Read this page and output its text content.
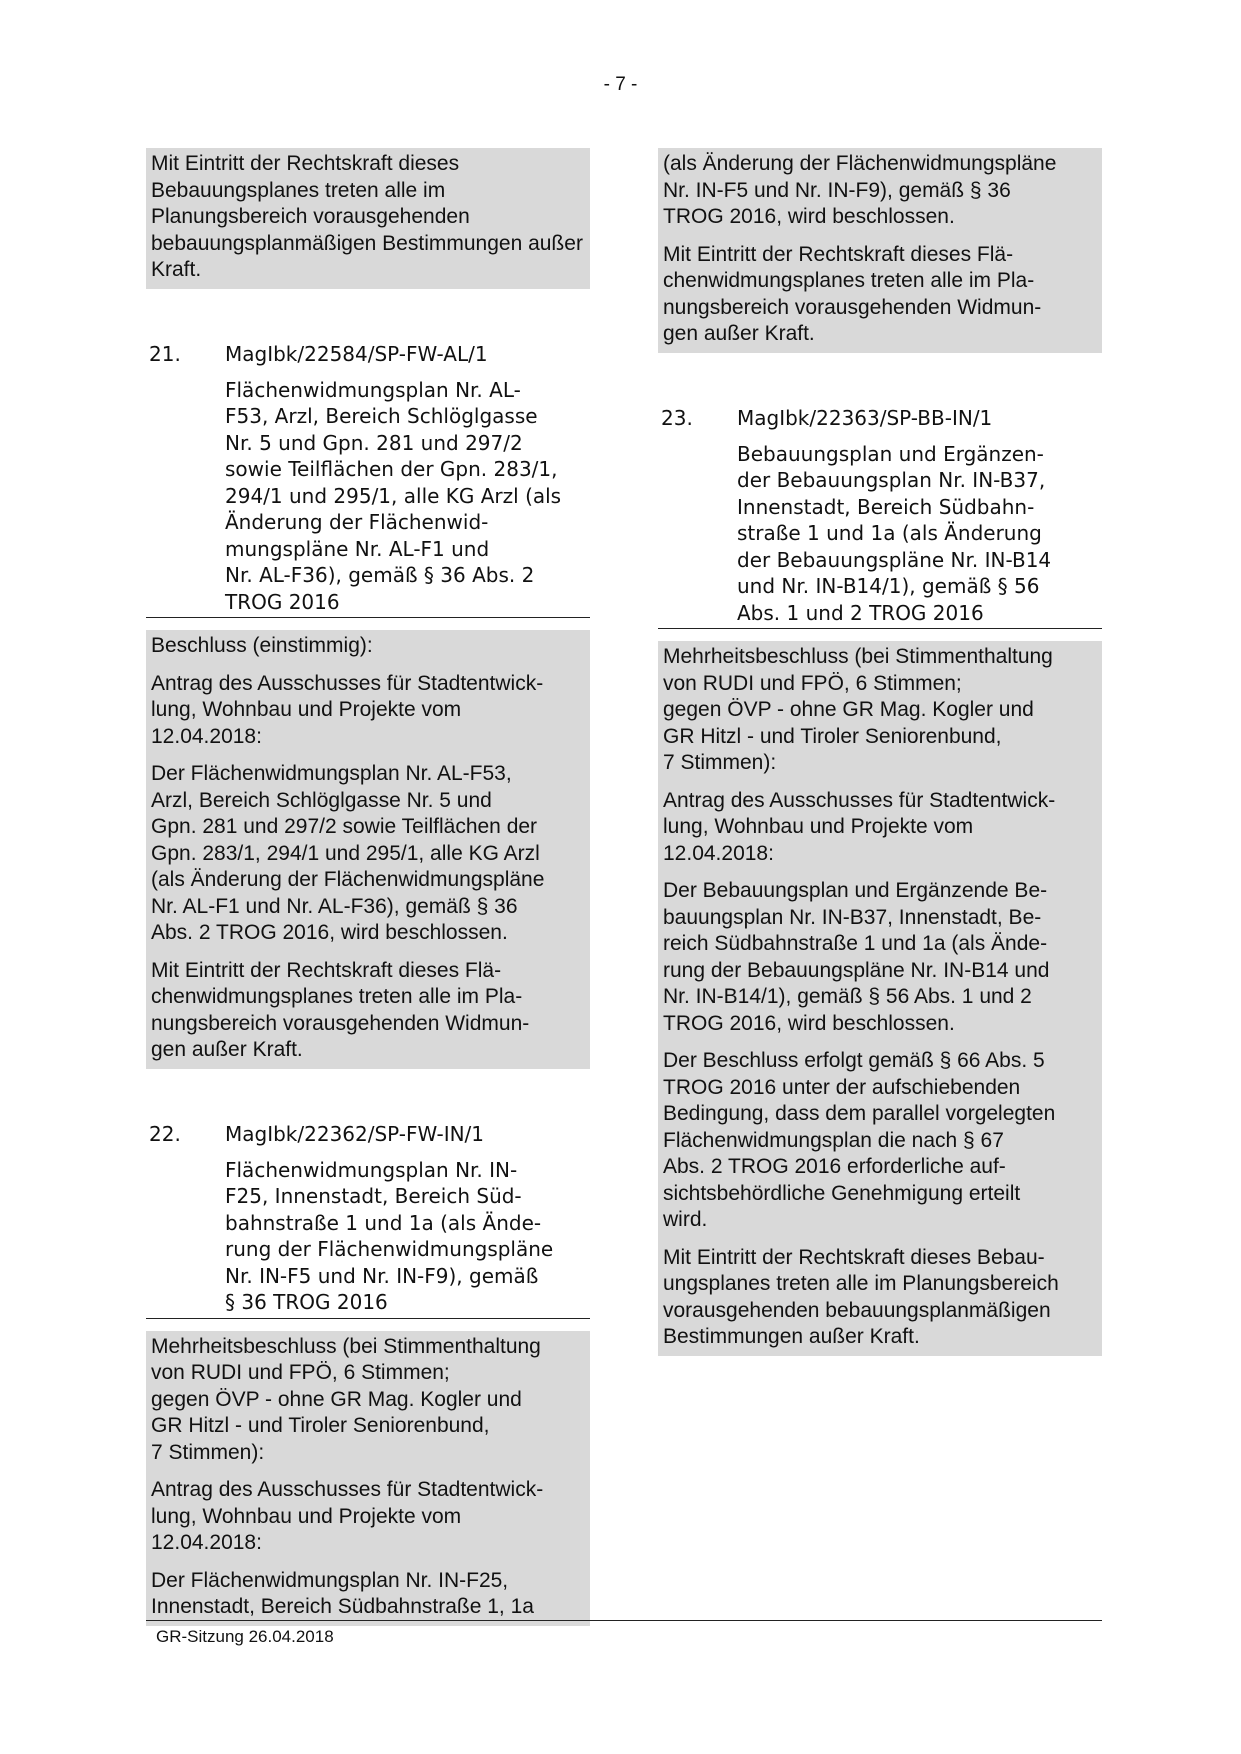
- 7 -

Mit Eintritt der Rechtskraft dieses Bebauungsplanes treten alle im Planungsbereich vorausgehenden bebauungsplanmäßigen Bestimmungen außer Kraft.

21.	MagIbk/22584/SP-FW-AL/1
Flächenwidmungsplan Nr. AL-
F53, Arzl, Bereich Schlöglgasse
Nr. 5 und Gpn. 281 und 297/2
sowie Teilflächen der Gpn. 283/1,
294/1 und 295/1, alle KG Arzl (als
Änderung der Flächenwid-
mungspläne Nr. AL-F1 und
Nr. AL-F36), gemäß § 36 Abs. 2
TROG 2016

Beschluss (einstimmig):

Antrag des Ausschusses für Stadtentwick-
lung, Wohnbau und Projekte vom
12.04.2018:

Der Flächenwidmungsplan Nr. AL-F53,
Arzl, Bereich Schlöglgasse Nr. 5 und
Gpn. 281 und 297/2 sowie Teilflächen der
Gpn. 283/1, 294/1 und 295/1, alle KG Arzl
(als Änderung der Flächenwidmungspläne
Nr. AL-F1 und Nr. AL-F36), gemäß § 36
Abs. 2 TROG 2016, wird beschlossen.

Mit Eintritt der Rechtskraft dieses Flä-
chenwidmungsplanes treten alle im Pla-
nungsbereich vorausgehenden Widmun-
gen außer Kraft.

22.	MagIbk/22362/SP-FW-IN/1
Flächenwidmungsplan Nr. IN-
F25, Innenstadt, Bereich Süd-
bahnstraße 1 und 1a (als Ände-
rung der Flächenwidmungspläne
Nr. IN-F5 und Nr. IN-F9), gemäß
§ 36 TROG 2016

Mehrheitsbeschluss (bei Stimmenthaltung
von RUDI und FPÖ, 6 Stimmen;
gegen ÖVP - ohne GR Mag. Kogler und
GR Hitzl - und Tiroler Seniorenbund,
7 Stimmen):

Antrag des Ausschusses für Stadtentwick-
lung, Wohnbau und Projekte vom
12.04.2018:

Der Flächenwidmungsplan Nr. IN-F25,
Innenstadt, Bereich Südbahnstraße 1, 1a

(als Änderung der Flächenwidmungspläne
Nr. IN-F5 und Nr. IN-F9), gemäß § 36
TROG 2016, wird beschlossen.

Mit Eintritt der Rechtskraft dieses Flä-
chenwidmungsplanes treten alle im Pla-
nungsbereich vorausgehenden Widmun-
gen außer Kraft.

23.	MagIbk/22363/SP-BB-IN/1
Bebauungsplan und Ergänzen-
der Bebauungsplan Nr. IN-B37,
Innenstadt, Bereich Südbahn-
straße 1 und 1a (als Änderung
der Bebauungspläne Nr. IN-B14
und Nr. IN-B14/1), gemäß § 56
Abs. 1 und 2 TROG 2016

Mehrheitsbeschluss (bei Stimmenthaltung
von RUDI und FPÖ, 6 Stimmen;
gegen ÖVP - ohne GR Mag. Kogler und
GR Hitzl - und Tiroler Seniorenbund,
7 Stimmen):

Antrag des Ausschusses für Stadtentwick-
lung, Wohnbau und Projekte vom
12.04.2018:

Der Bebauungsplan und Ergänzende Be-
bauungsplan Nr. IN-B37, Innenstadt, Be-
reich Südbahnstraße 1 und 1a (als Ände-
rung der Bebauungspläne Nr. IN-B14 und
Nr. IN-B14/1), gemäß § 56 Abs. 1 und 2
TROG 2016, wird beschlossen.

Der Beschluss erfolgt gemäß § 66 Abs. 5
TROG 2016 unter der aufschiebenden
Bedingung, dass dem parallel vorgelegten
Flächenwidmungsplan die nach § 67
Abs. 2 TROG 2016 erforderliche auf-
sichtsbehördliche Genehmigung erteilt
wird.

Mit Eintritt der Rechtskraft dieses Bebau-
ungsplanes treten alle im Planungsbereich
vorausgehenden bebauungsplanmäßigen
Bestimmungen außer Kraft.

GR-Sitzung 26.04.2018
